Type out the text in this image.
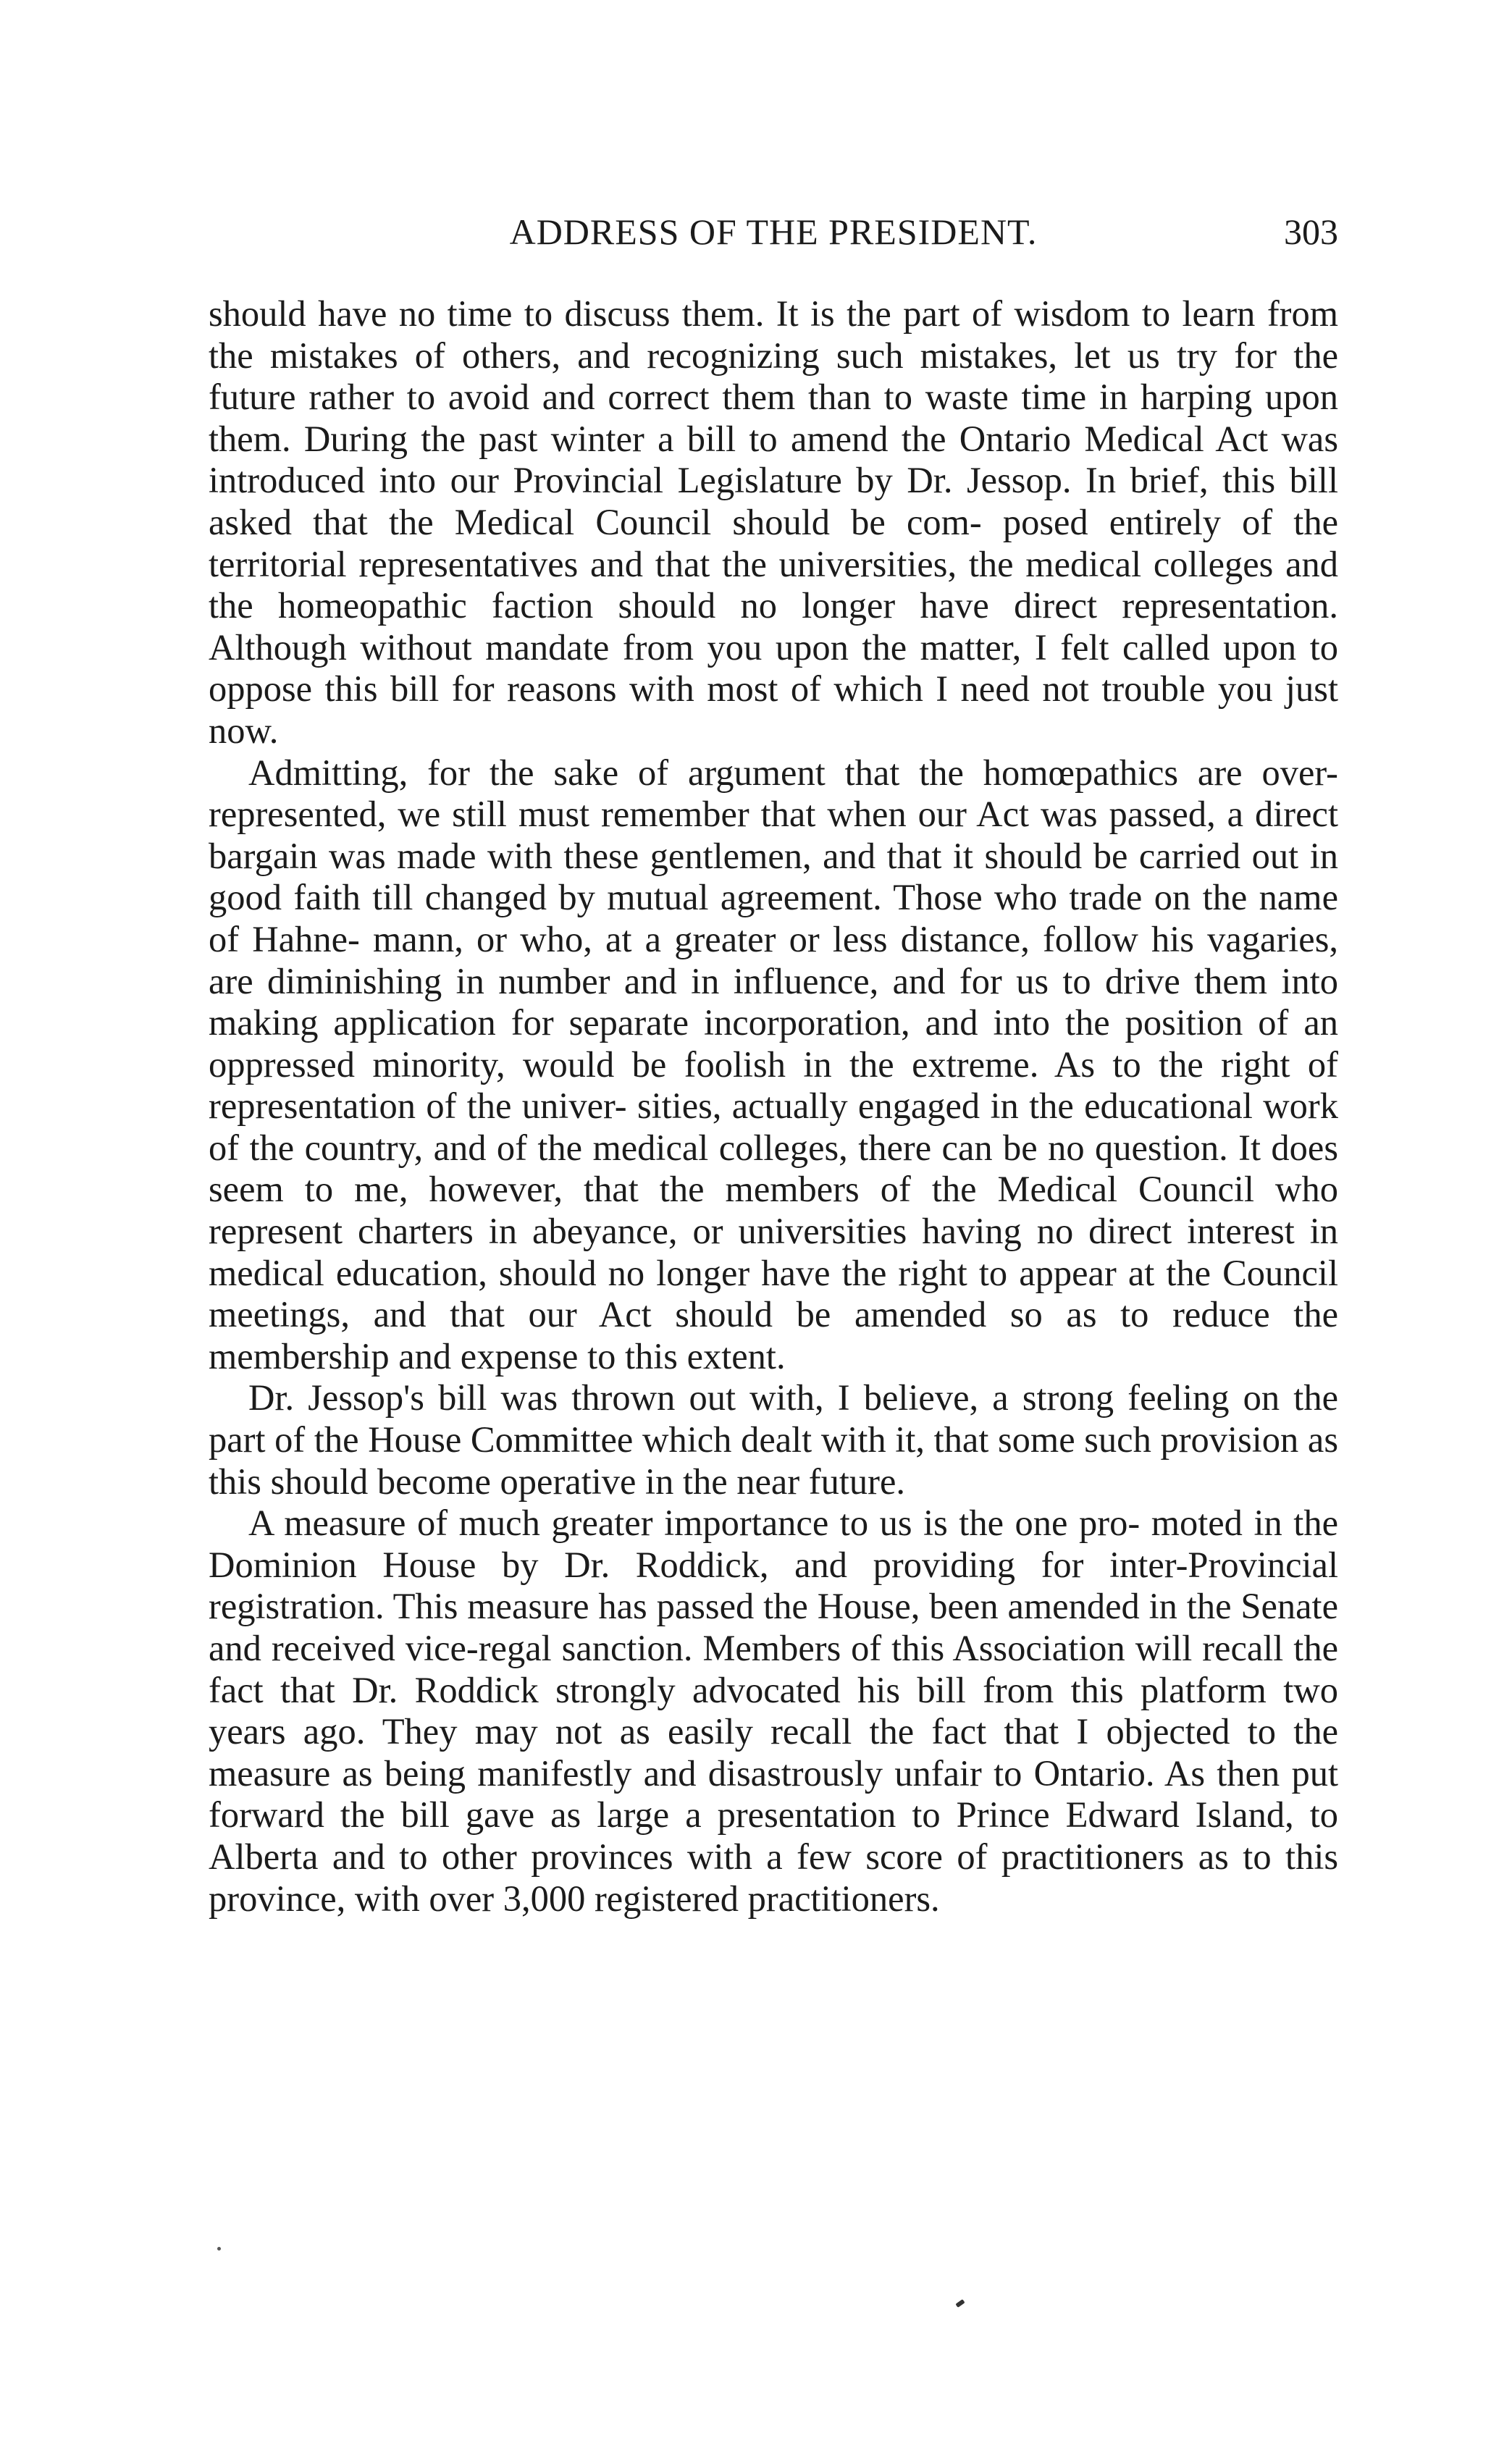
ADDRESS OF THE PRESIDENT.	303

should have no time to discuss them. It is the part of wisdom to learn from the mistakes of others, and recognizing such mistakes, let us try for the future rather to avoid and correct them than to waste time in harping upon them. During the past winter a bill to amend the Ontario Medical Act was introduced into our Provincial Legislature by Dr. Jessop. In brief, this bill asked that the Medical Council should be com- posed entirely of the territorial representatives and that the universities, the medical colleges and the homeopathic faction should no longer have direct representation. Although without mandate from you upon the matter, I felt called upon to oppose this bill for reasons with most of which I need not trouble you just now.

Admitting, for the sake of argument that the homœpathics are over-represented, we still must remember that when our Act was passed, a direct bargain was made with these gentlemen, and that it should be carried out in good faith till changed by mutual agreement. Those who trade on the name of Hahne- mann, or who, at a greater or less distance, follow his vagaries, are diminishing in number and in influence, and for us to drive them into making application for separate incorporation, and into the position of an oppressed minority, would be foolish in the extreme. As to the right of representation of the univer- sities, actually engaged in the educational work of the country, and of the medical colleges, there can be no question. It does seem to me, however, that the members of the Medical Council who represent charters in abeyance, or universities having no direct interest in medical education, should no longer have the right to appear at the Council meetings, and that our Act should be amended so as to reduce the membership and expense to this extent.

Dr. Jessop's bill was thrown out with, I believe, a strong feeling on the part of the House Committee which dealt with it, that some such provision as this should become operative in the near future.

A measure of much greater importance to us is the one pro- moted in the Dominion House by Dr. Roddick, and providing for inter-Provincial registration. This measure has passed the House, been amended in the Senate and received vice-regal sanction. Members of this Association will recall the fact that Dr. Roddick strongly advocated his bill from this platform two years ago. They may not as easily recall the fact that I objected to the measure as being manifestly and disastrously unfair to Ontario. As then put forward the bill gave as large a presentation to Prince Edward Island, to Alberta and to other provinces with a few score of practitioners as to this province, with over 3,000 registered practitioners.
